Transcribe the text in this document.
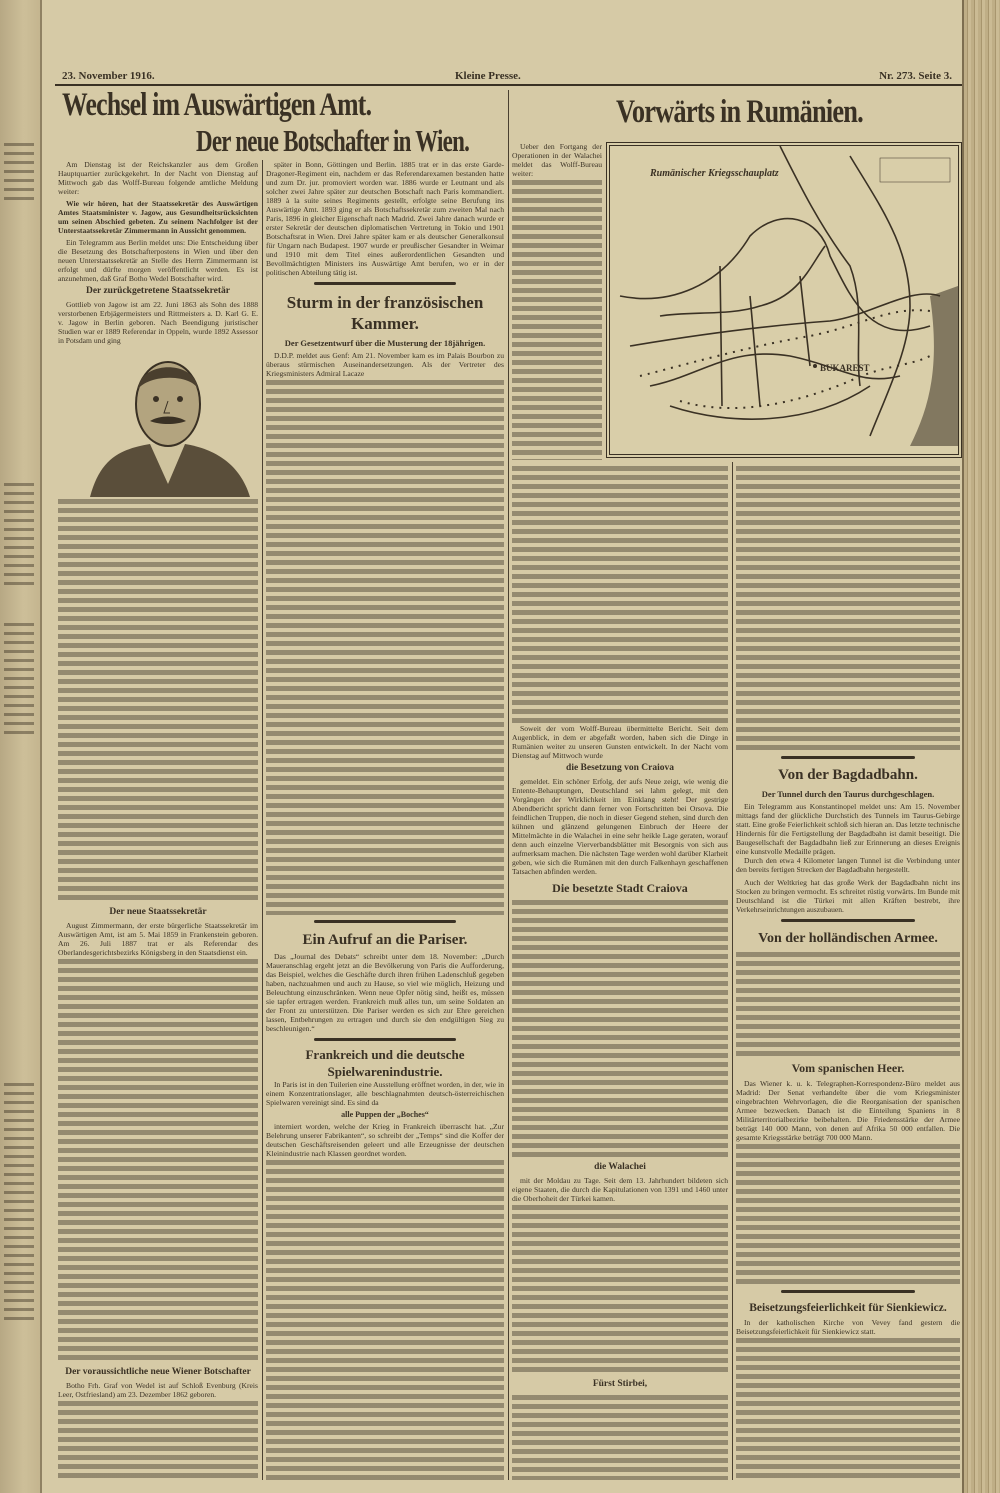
23. November 1916.	Kleine Presse.	Nr. 273. Seite 3.
Wechsel im Auswärtigen Amt.
Der neue Botschafter in Wien.

Am Dienstag ist der Reichskanzler aus dem Großen Hauptquartier zurückgekehrt. In der Nacht von Dienstag auf Mittwoch gab das Wolff-Bureau folgende amtliche Meldung weiter:

Wie wir hören, hat der Staatssekretär des Auswärtigen Amtes Staatsminister v. Jagow, aus Gesundheitsrücksichten um seinen Abschied gebeten. Zu seinem Nachfolger ist der Unterstaatssekretär Zimmermann in Aussicht genommen.

Ein Telegramm aus Berlin meldet uns: Die Entscheidung über die Besetzung des Botschafterpostens in Wien und über den neuen Unterstaatssekretär an Stelle des Herrn Zimmermann ist erfolgt und dürfte morgen veröffentlicht werden. Es ist anzunehmen, daß Graf Botho Wedel Botschafter wird.

Der zurückgetretene Staatssekretär

Gottlieb von Jagow ist am 22. Juni 1863 als Sohn des 1888 verstorbenen Erbjägermeisters und Rittmeisters a. D. Karl G. E. v. Jagow in Berlin geboren. Nach Beendigung juristischer Studien war er 1889 Referendar in Oppeln, wurde 1892 Assessor in Potsdam und ging

Der neue Staatssekretär

August Zimmermann, der erste bürgerliche Staatssekretär im Auswärtigen Amt, ist am 5. Mai 1859 in Frankenstein geboren. Am 26. Juli 1887 trat er als Referendar des Oberlandesgerichtsbezirks Königsberg in den Staatsdienst ein.

Der voraussichtliche neue Wiener Botschafter

Botho Frh. Graf von Wedel ist auf Schloß Evenburg (Kreis Leer, Ostfriesland) am 23. Dezember 1862 geboren.

später in Bonn, Göttingen und Berlin. 1885 trat er in das erste Garde-Dragoner-Regiment ein, nachdem er das Referendarexamen bestanden hatte und zum Dr. jur. promoviert worden war. 1886 wurde er Leutnant und als solcher zwei Jahre später zur deutschen Botschaft nach Paris kommandiert. 1889 à la suite seines Regiments gestellt, erfolgte seine Berufung ins Auswärtige Amt. 1893 ging er als Botschaftssekretär zum zweiten Mal nach Paris, 1896 in gleicher Eigenschaft nach Madrid. Zwei Jahre danach wurde er erster Sekretär der deutschen diplomatischen Vertretung in Tokio und 1901 Botschaftsrat in Wien. Drei Jahre später kam er als deutscher Generalkonsul für Ungarn nach Budapest. 1907 wurde er preußischer Gesandter in Weimar und 1910 mit dem Titel eines außerordentlichen Gesandten und Bevollmächtigten Ministers ins Auswärtige Amt berufen, wo er in der politischen Abteilung tätig ist.

Sturm in der französischen Kammer.
Der Gesetzentwurf über die Musterung der 18jährigen.

D.D.P. meldet aus Genf: Am 21. November kam es im Palais Bourbon zu überaus stürmischen Auseinandersetzungen. Als der Vertreter des Kriegsministers Admiral Lacaze

Ein Aufruf an die Pariser.

Das „Journal des Debats“ schreibt unter dem 18. November: „Durch Maueranschlag ergeht jetzt an die Bevölkerung von Paris die Aufforderung, das Beispiel, welches die Geschäfte durch ihren frühen Ladenschluß gegeben haben, nachzuahmen und auch zu Hause, so viel wie möglich, Heizung und Beleuchtung einzuschränken. Wenn neue Opfer nötig sind, heißt es, müssen sie tapfer ertragen werden. Frankreich muß alles tun, um seine Soldaten an der Front zu unterstützen. Die Pariser werden es sich zur Ehre gereichen lassen, Entbehrungen zu ertragen und durch sie den endgültigen Sieg zu beschleunigen.“

Frankreich und die deutsche Spielwarenindustrie.

In Paris ist in den Tuilerien eine Ausstellung eröffnet worden, in der, wie in einem Konzentrationslager, alle beschlagnahmten deutsch-österreichischen Spielwaren vereinigt sind. Es sind da

alle Puppen der „Boches“

interniert worden, welche der Krieg in Frankreich überrascht hat. „Zur Belehrung unserer Fabrikanten“, so schreibt der „Temps“ sind die Koffer der deutschen Geschäftsreisenden geleert und alle Erzeugnisse der deutschen Kleinindustrie nach Klassen geordnet worden.

Vorwärts in Rumänien.

Ueber den Fortgang der Operationen in der Walachei meldet das Wolff-Bureau weiter:	Rumänischer Kriegsschauplatz
BUKAREST

Soweit der vom Wolff-Bureau übermittelte Bericht. Seit dem Augenblick, in dem er abgefaßt worden, haben sich die Dinge in Rumänien weiter zu unseren Gunsten entwickelt. In der Nacht vom Dienstag auf Mittwoch wurde

die Besetzung von Craiova

gemeldet. Ein schöner Erfolg, der aufs Neue zeigt, wie wenig die Entente-Behauptungen, Deutschland sei lahm gelegt, mit den Vorgängen der Wirklichkeit im Einklang steht! Der gestrige Abendbericht spricht dann ferner von Fortschritten bei Orsova. Die feindlichen Truppen, die noch in dieser Gegend stehen, sind durch den kühnen und glänzend gelungenen Einbruch der Heere der Mittelmächte in die Walachei in eine sehr heikle Lage geraten, worauf denn auch einzelne Vierverbandsblätter mit Besorgnis von sich aus aufmerksam machen. Die nächsten Tage werden wohl darüber Klarheit geben, wie sich die Rumänen mit den durch Falkenhayn geschaffenen Tatsachen abfinden werden.

Die besetzte Stadt Craiova
die Walachei

mit der Moldau zu Tage. Seit dem 13. Jahrhundert bildeten sich eigene Staaten, die durch die Kapitulationen von 1391 und 1460 unter die Oberhoheit der Türkei kamen.

Fürst Stirbei,
Von der Bagdadbahn.
Der Tunnel durch den Taurus durchgeschlagen.

Ein Telegramm aus Konstantinopel meldet uns: Am 15. November mittags fand der glückliche Durchstich des Tunnels im Taurus-Gebirge statt. Eine große Feierlichkeit schloß sich hieran an. Das letzte technische Hindernis für die Fertigstellung der Bagdadbahn ist damit beseitigt. Die Baugesellschaft der Bagdadbahn ließ zur Erinnerung an dieses Ereignis eine kunstvolle Medaille prägen.

Durch den etwa 4 Kilometer langen Tunnel ist die Verbindung unter den bereits fertigen Strecken der Bagdadbahn hergestellt.

Auch der Weltkrieg hat das große Werk der Bagdadbahn nicht ins Stocken zu bringen vermocht. Es schreitet rüstig vorwärts. Im Bunde mit Deutschland ist die Türkei mit allen Kräften bestrebt, ihre Verkehrseinrichtungen auszubauen.

Von der holländischen Armee.
Vom spanischen Heer.

Das Wiener k. u. k. Telegraphen-Korrespondenz-Büro meldet aus Madrid: Der Senat verhandelte über die vom Kriegsminister eingebrachten Wehrvorlagen, die die Reorganisation der spanischen Armee bezwecken. Danach ist die Einteilung Spaniens in 8 Militärterritorialbezirke beibehalten. Die Friedensstärke der Armee beträgt 140 000 Mann, von denen auf Afrika 50 000 entfallen. Die gesamte Kriegsstärke beträgt 700 000 Mann.

Beisetzungsfeierlichkeit für Sienkiewicz.

In der katholischen Kirche von Vevey fand gestern die Beisetzungsfeierlichkeit für Sienkiewicz statt.
